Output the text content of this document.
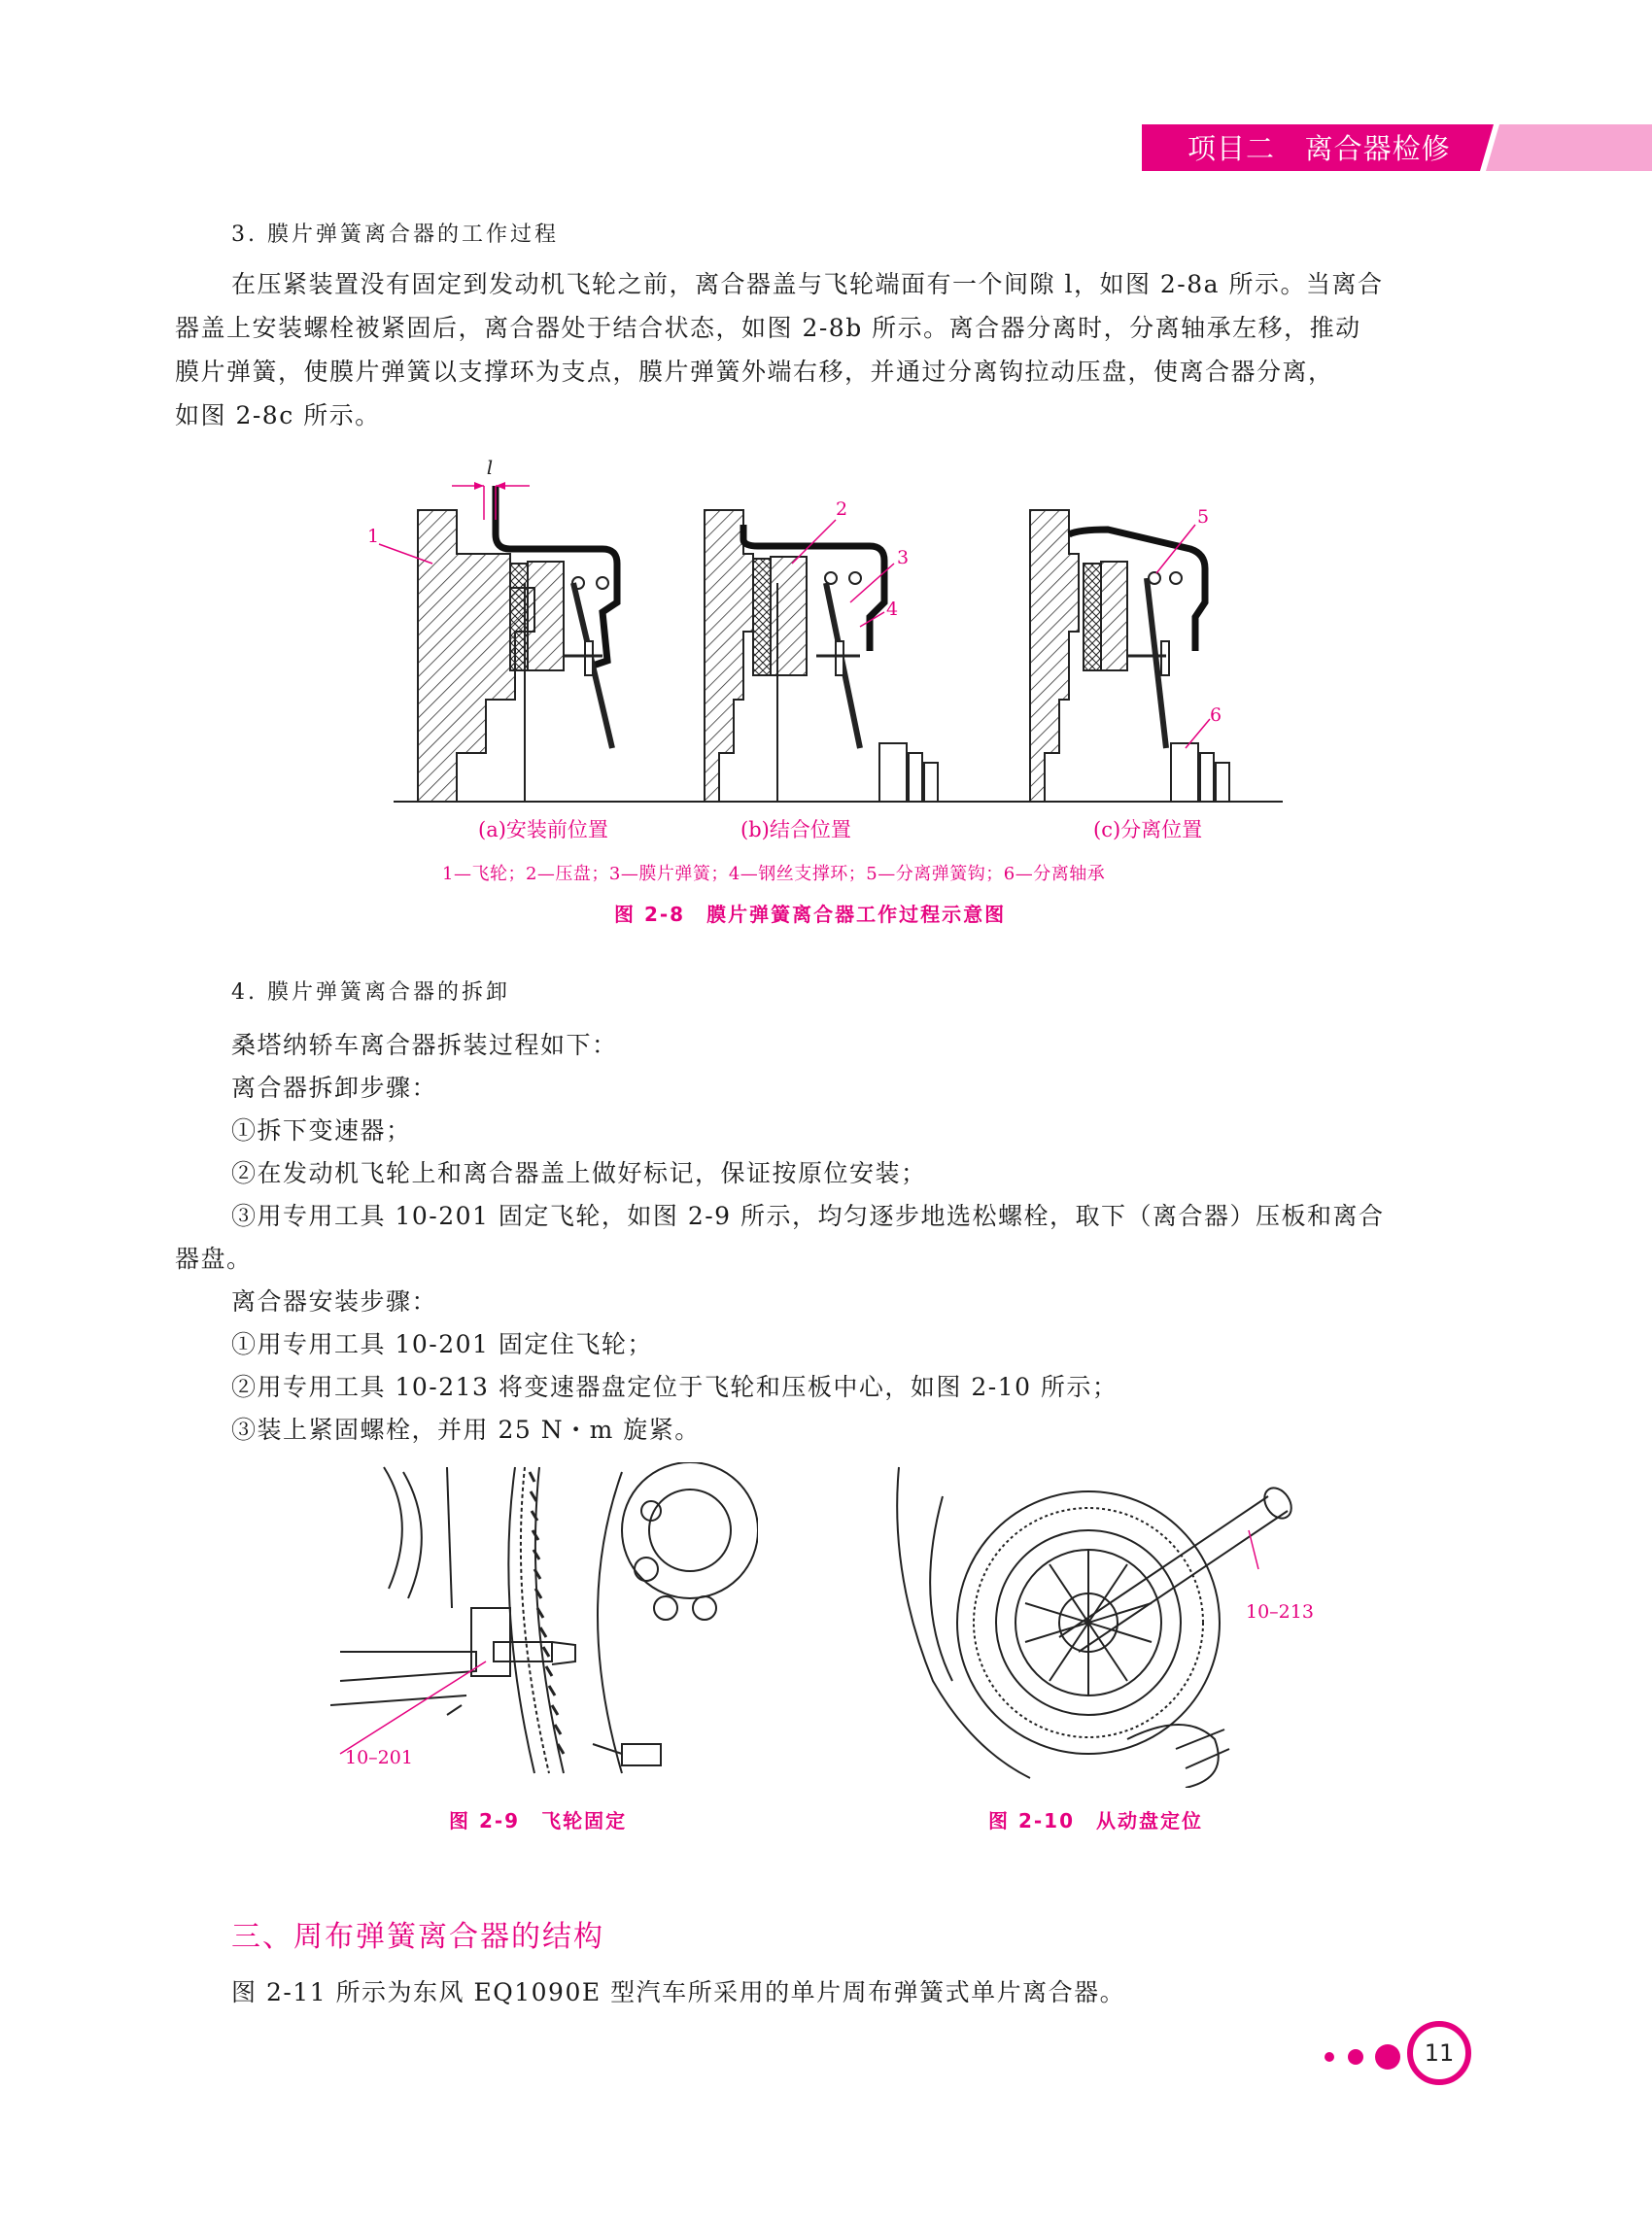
项目二 离合器检修
3. 膜片弹簧离合器的工作过程
在压紧装置没有固定到发动机飞轮之前，离合器盖与飞轮端面有一个间隙 l，如图 2-8a 所示。当离合
器盖上安装螺栓被紧固后，离合器处于结合状态，如图 2-8b 所示。离合器分离时，分离轴承左移，推动
膜片弹簧，使膜片弹簧以支撑环为支点，膜片弹簧外端右移，并通过分离钩拉动压盘，使离合器分离，
如图 2-8c 所示。
l
1
2
3
4
5
6
(a)安装前位置	(b)结合位置	(c)分离位置
1—飞轮；2—压盘；3—膜片弹簧；4—钢丝支撑环；5—分离弹簧钩；6—分离轴承
图 2-8　膜片弹簧离合器工作过程示意图
4. 膜片弹簧离合器的拆卸
桑塔纳轿车离合器拆装过程如下：
离合器拆卸步骤：
①拆下变速器；
②在发动机飞轮上和离合器盖上做好标记，保证按原位安装；
③用专用工具 10-201 固定飞轮，如图 2-9 所示，均匀逐步地选松螺栓，取下（离合器）压板和离合
器盘。
离合器安装步骤：
①用专用工具 10-201 固定住飞轮；
②用专用工具 10-213 将变速器盘定位于飞轮和压板中心，如图 2-10 所示；
③装上紧固螺栓，并用 25 N・m 旋紧。
10–201
图 2-9　飞轮固定
10–213
图 2-10　从动盘定位
三、周布弹簧离合器的结构
图 2-11 所示为东风 EQ1090E 型汽车所采用的单片周布弹簧式单片离合器。
11
